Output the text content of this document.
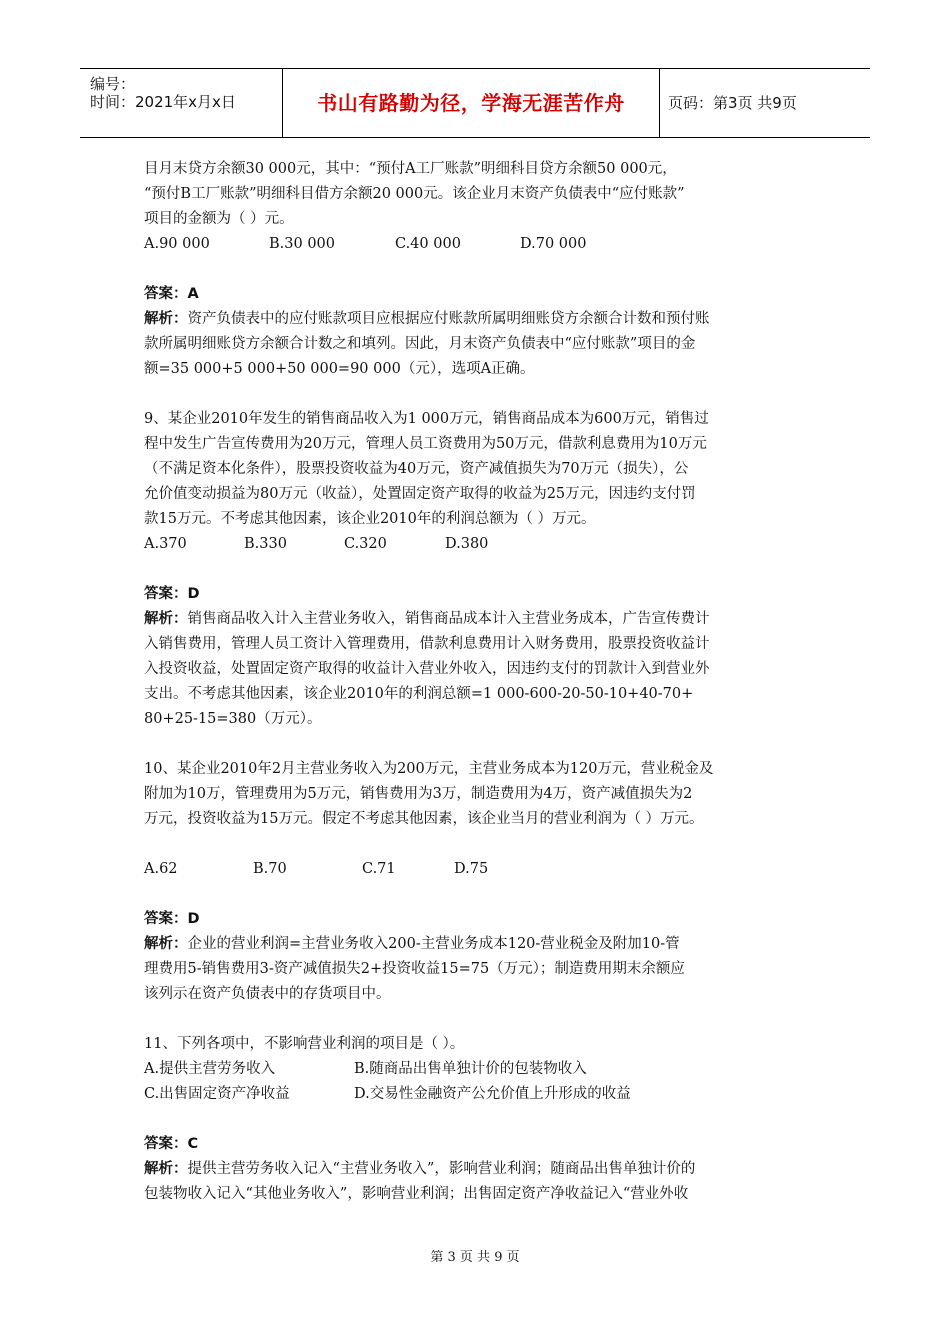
编号：
时间：2021年x月x日	书山有路勤为径，学海无涯苦作舟	页码：第3页 共9页
目月末贷方余额30 000元，其中：“预付A工厂账款”明细科目贷方余额50 000元，
“预付B工厂账款”明细科目借方余额20 000元。该企业月末资产负债表中“应付账款”
项目的金额为（ ）元。
A.90 000	B.30 000	C.40 000	D.70 000
答案：A
解析：资产负债表中的应付账款项目应根据应付账款所属明细账贷方余额合计数和预付账
款所属明细账贷方余额合计数之和填列。因此，月末资产负债表中“应付账款”项目的金
额=35 000+5 000+50 000=90 000（元），选项A正确。
9、某企业2010年发生的销售商品收入为1 000万元，销售商品成本为600万元，销售过
程中发生广告宣传费用为20万元，管理人员工资费用为50万元，借款利息费用为10万元
（不满足资本化条件），股票投资收益为40万元，资产减值损失为70万元（损失），公
允价值变动损益为80万元（收益），处置固定资产取得的收益为25万元，因违约支付罚
款15万元。不考虑其他因素，该企业2010年的利润总额为（ ）万元。
A.370	B.330	C.320	D.380
答案：D
解析：销售商品收入计入主营业务收入，销售商品成本计入主营业务成本，广告宣传费计
入销售费用，管理人员工资计入管理费用，借款利息费用计入财务费用，股票投资收益计
入投资收益，处置固定资产取得的收益计入营业外收入，因违约支付的罚款计入到营业外
支出。不考虑其他因素，该企业2010年的利润总额=1 000-600-20-50-10+40-70+
80+25-15=380（万元）。
10、某企业2010年2月主营业务收入为200万元，主营业务成本为120万元，营业税金及
附加为10万，管理费用为5万元，销售费用为3万，制造费用为4万，资产减值损失为2
万元，投资收益为15万元。假定不考虑其他因素，该企业当月的营业利润为（ ）万元。
A.62	B.70	C.71	D.75
答案：D
解析：企业的营业利润=主营业务收入200-主营业务成本120-营业税金及附加10-管
理费用5-销售费用3-资产减值损失2+投资收益15=75（万元）；制造费用期末余额应
该列示在资产负债表中的存货项目中。
11、下列各项中，不影响营业利润的项目是（ ）。
A.提供主营劳务收入	B.随商品出售单独计价的包装物收入
C.出售固定资产净收益	D.交易性金融资产公允价值上升形成的收益
答案：C
解析：提供主营劳务收入记入“主营业务收入”，影响营业利润；随商品出售单独计价的
包装物收入记入“其他业务收入”，影响营业利润；出售固定资产净收益记入“营业外收
第 3 页 共 9 页
